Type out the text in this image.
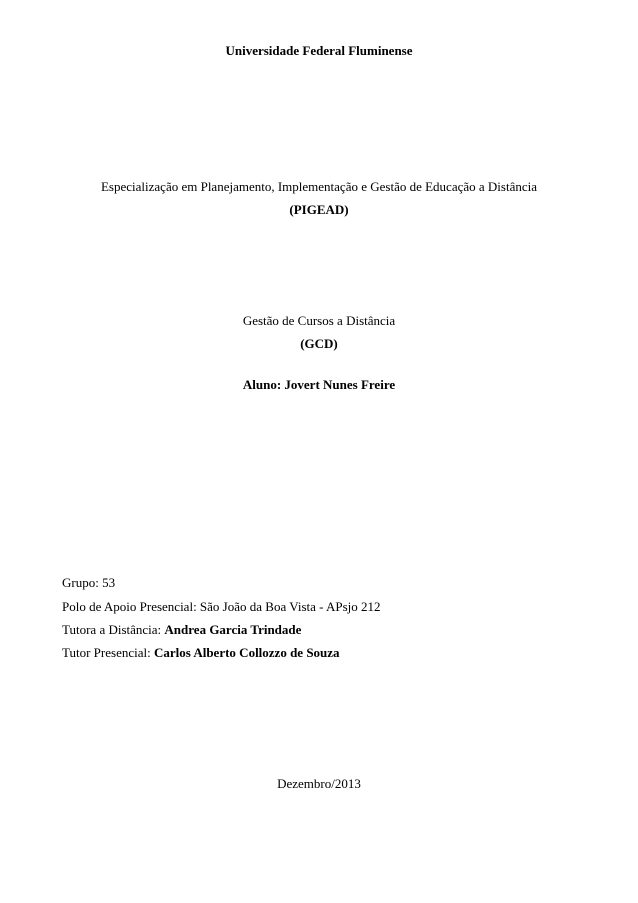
Universidade Federal Fluminense
Especialização em Planejamento, Implementação e Gestão de Educação a Distância
(PIGEAD)
Gestão de Cursos a Distância
(GCD)
Aluno: Jovert Nunes Freire
Grupo: 53
Polo de Apoio Presencial: São João da Boa Vista - APsjo 212
Tutora a Distância: Andrea Garcia Trindade
Tutor Presencial: Carlos Alberto Collozzo de Souza
Dezembro/2013
